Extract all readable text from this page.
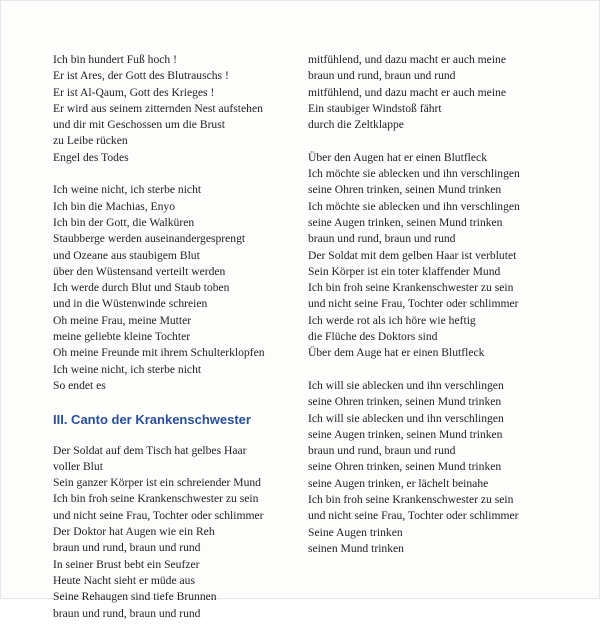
Ich bin hundert Fuß hoch !
Er ist Ares, der Gott des Blutrauschs !
Er ist Al-Qaum, Gott des Krieges !
Er wird aus seinem zitternden Nest aufstehen
und dir mit Geschossen um die Brust
zu Leibe rücken
Engel des Todes
Ich weine nicht, ich sterbe nicht
Ich bin die Machias, Enyo
Ich bin der Gott, die Walküren
Staubberge werden auseinandergesprengt
und Ozeane aus staubigem Blut
über den Wüstensand verteilt werden
Ich werde durch Blut und Staub toben
und in die Wüstenwinde schreien
Oh meine Frau, meine Mutter
meine geliebte kleine Tochter
Oh meine Freunde mit ihrem Schulterklopfen
Ich weine nicht, ich sterbe nicht
So endet es
III. Canto der Krankenschwester
Der Soldat auf dem Tisch hat gelbes Haar
voller Blut
Sein ganzer Körper ist ein schreiender Mund
Ich bin froh seine Krankenschwester zu sein
und nicht seine Frau, Tochter oder schlimmer
Der Doktor hat Augen wie ein Reh
braun und rund, braun und rund
In seiner Brust bebt ein Seufzer
Heute Nacht sieht er müde aus
Seine Rehaugen sind tiefe Brunnen
braun und rund, braun und rund
mitfühlend, und dazu macht er auch meine
braun und rund, braun und rund
mitfühlend, und dazu macht er auch meine
Ein staubiger Windstoß fährt
durch die Zeltklappe
Über den Augen hat er einen Blutfleck
Ich möchte sie ablecken und ihn verschlingen
seine Ohren trinken, seinen Mund trinken
Ich möchte sie ablecken und ihn verschlingen
seine Augen trinken, seinen Mund trinken
braun und rund, braun und rund
Der Soldat mit dem gelben Haar ist verblutet
Sein Körper ist ein toter klaffender Mund
Ich bin froh seine Krankenschwester zu sein
und nicht seine Frau, Tochter oder schlimmer
Ich werde rot als ich höre wie heftig
die Flüche des Doktors sind
Über dem Auge hat er einen Blutfleck
Ich will sie ablecken und ihn verschlingen
seine Ohren trinken, seinen Mund trinken
Ich will sie ablecken und ihn verschlingen
seine Augen trinken, seinen Mund trinken
braun und rund, braun und rund
seine Ohren trinken, seinen Mund trinken
seine Augen trinken, er lächelt beinahe
Ich bin froh seine Krankenschwester zu sein
und nicht seine Frau, Tochter oder schlimmer
Seine Augen trinken
seinen Mund trinken
